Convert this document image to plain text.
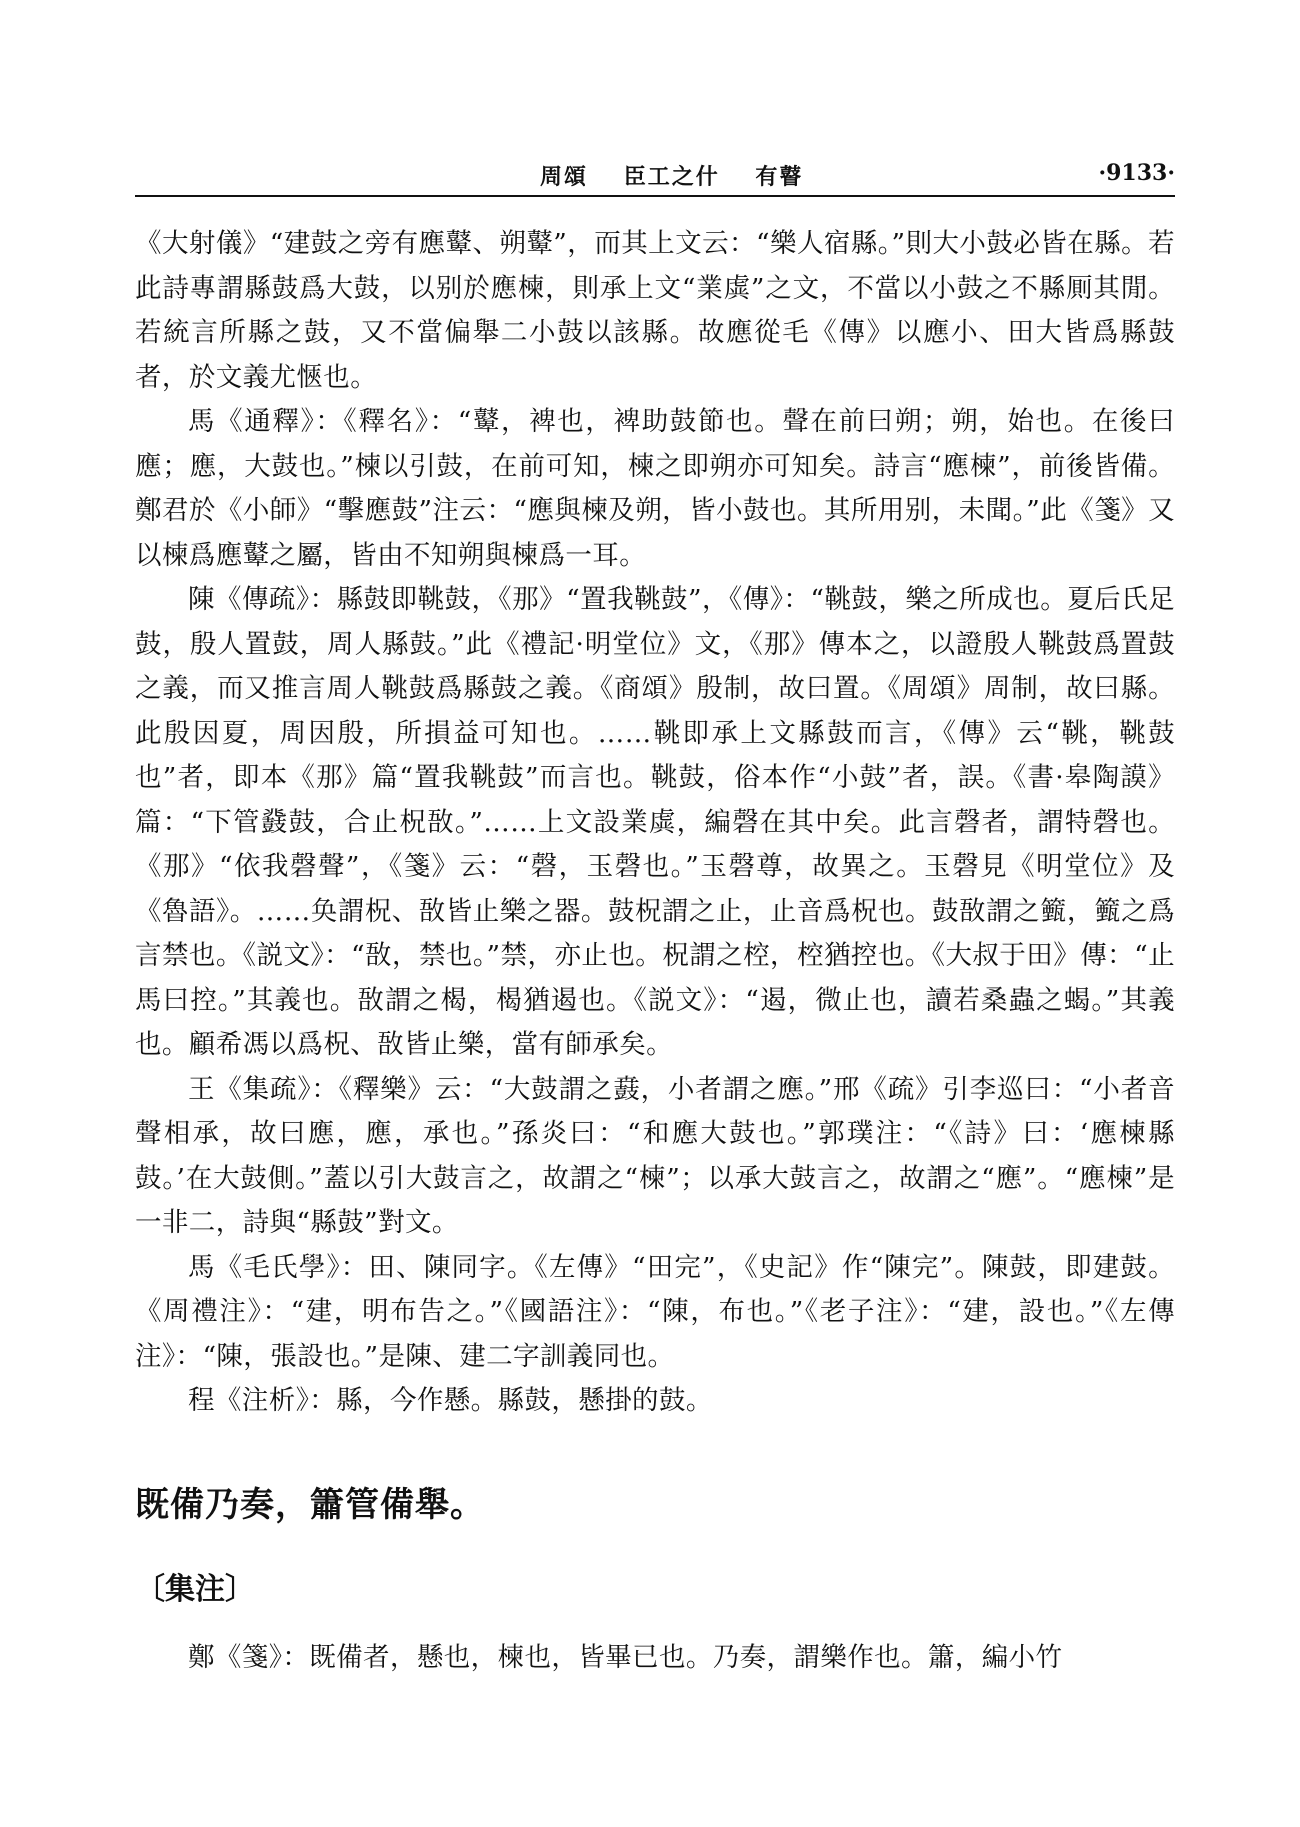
周頌 臣工之什 有瞽	·9133·

《大射儀》“建鼓之旁有應鼙、朔鼙”，而其上文云：“樂人宿縣。”則大小鼓必皆在縣。若此詩專謂縣鼓爲大鼓，以别於應楝，則承上文“業虡”之文，不當以小鼓之不縣厠其閒。若統言所縣之鼓，又不當偏舉二小鼓以該縣。故應從毛《傳》以應小、田大皆爲縣鼓者，於文義尤愜也。

馬《通釋》：《釋名》：“鼙，裨也，裨助鼓節也。聲在前曰朔；朔，始也。在後曰應；應，大鼓也。”楝以引鼓，在前可知，楝之即朔亦可知矣。詩言“應楝”，前後皆備。鄭君於《小師》“擊應鼓”注云：“應與楝及朔，皆小鼓也。其所用别，未聞。”此《箋》又以楝爲應鼙之屬，皆由不知朔與楝爲一耳。

陳《傳疏》：縣鼓即鞉鼓，《那》“置我鞉鼓”，《傳》：“鞉鼓，樂之所成也。夏后氏足鼓，殷人置鼓，周人縣鼓。”此《禮記·明堂位》文，《那》傳本之，以證殷人鞉鼓爲置鼓之義，而又推言周人鞉鼓爲縣鼓之義。《商頌》殷制，故曰置。《周頌》周制，故曰縣。此殷因夏，周因殷，所損益可知也。……鞉即承上文縣鼓而言，《傳》云“鞉，鞉鼓也”者，即本《那》篇“置我鞉鼓”而言也。鞉鼓，俗本作“小鼓”者，誤。《書·皋陶謨》篇：“下管鼗鼓，合止柷敔。”……上文設業虡，編磬在其中矣。此言磬者，謂特磬也。《那》“依我磬聲”，《箋》云：“磬，玉磬也。”玉磬尊，故異之。玉磬見《明堂位》及《魯語》。……奂謂柷、敔皆止樂之器。鼓柷謂之止，止音爲柷也。鼓敔謂之籈，籈之爲言禁也。《説文》：“敔，禁也。”禁，亦止也。柷謂之椌，椌猶控也。《大叔于田》傳：“止馬曰控。”其義也。敔謂之楬，楬猶遏也。《説文》：“遏，微止也，讀若桑蟲之蝎。”其義也。顧希馮以爲柷、敔皆止樂，當有師承矣。

王《集疏》：《釋樂》云：“大鼓謂之鼖，小者謂之應。”邢《疏》引李巡曰：“小者音聲相承，故曰應，應，承也。”孫炎曰：“和應大鼓也。”郭璞注：“《詩》曰：‘應楝縣鼓。’在大鼓側。”蓋以引大鼓言之，故謂之“楝”；以承大鼓言之，故謂之“應”。“應楝”是一非二，詩與“縣鼓”對文。

馬《毛氏學》：田、陳同字。《左傳》“田完”，《史記》作“陳完”。陳鼓，即建鼓。《周禮注》：“建，明布告之。”《國語注》：“陳，布也。”《老子注》：“建，設也。”《左傳注》：“陳，張設也。”是陳、建二字訓義同也。

程《注析》：縣，今作懸。縣鼓，懸掛的鼓。

既備乃奏，簫管備舉。
〔集注〕

鄭《箋》：既備者，懸也，楝也，皆畢已也。乃奏，謂樂作也。簫，編小竹
